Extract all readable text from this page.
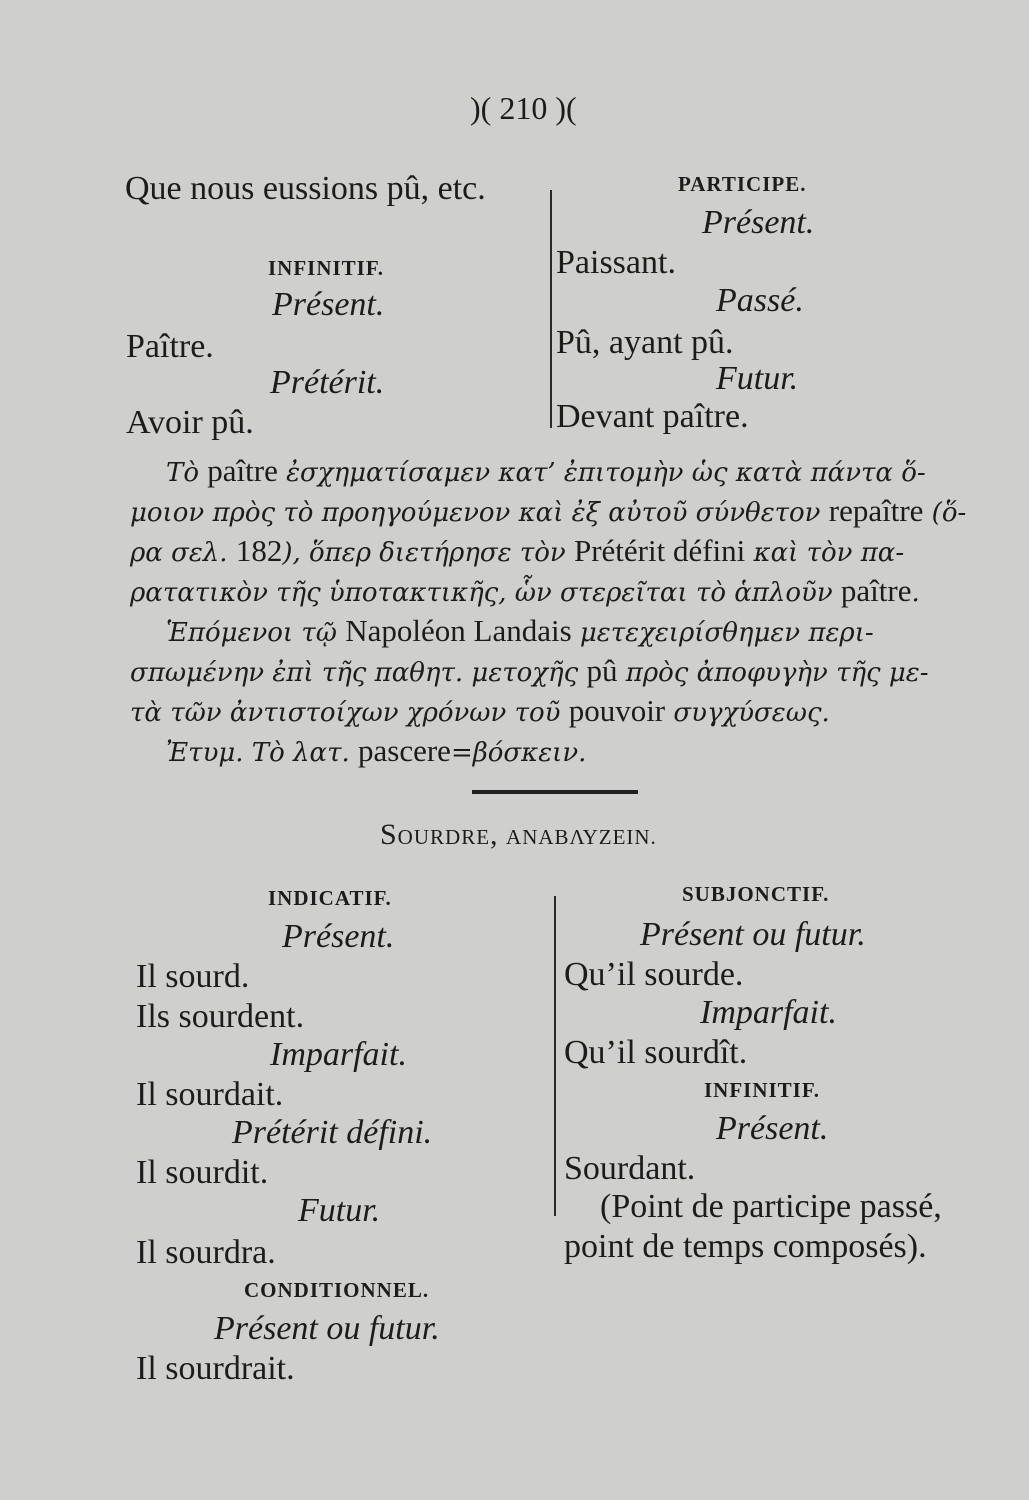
)( 210 )(
Que nous eussions pû, etc.
INFINITIF.
Présent.
Paître.
Prétérit.
Avoir pû.
PARTICIPE.
Présent.
Paissant.
Passé.
Pû, ayant pû.
Futur.
Devant paître.
Τὸ paître ἐσχηματίσαμεν κατ’ ἐπιτομὴν ὡς κατὰ πάντα ὅ-
μοιον πρὸς τὸ προηγούμενον καὶ ἐξ αὐτοῦ σύνθετον repaître (ὅ-
ρα σελ. 182), ὅπερ διετήρησε τὸν Prétérit défini καὶ τὸν πα-
ρατατικὸν τῆς ὑποτακτικῆς, ὧν στερεῖται τὸ ἁπλοῦν paître.
Ἑπόμενοι τῷ Napoléon Landais μετεχειρίσθημεν περι-
σπωμένην ἐπὶ τῆς παθητ. μετοχῆς pû πρὸς ἀποφυγὴν τῆς με-
τὰ τῶν ἀντιστοίχων χρόνων τοῦ pouvoir συγχύσεως.
Ἐτυμ. Τὸ λατ. pascere=βόσκειν.
Sourdre, ΑΝΑΒΛΥΖΕΙΝ.
INDICATIF.
Présent.
Il sourd.
Ils sourdent.
Imparfait.
Il sourdait.
Prétérit défini.
Il sourdit.
Futur.
Il sourdra.
CONDITIONNEL.
Présent ou futur.
Il sourdrait.
SUBJONCTIF.
Présent ou futur.
Qu’il sourde.
Imparfait.
Qu’il sourdît.
INFINITIF.
Présent.
Sourdant.
(Point de participe passé,
point de temps composés).
